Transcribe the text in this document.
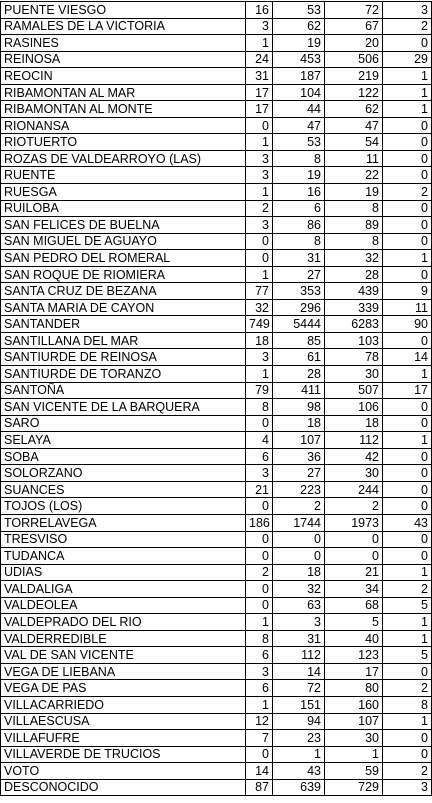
PUENTE VIESGO	16	53	72	3
RAMALES DE LA VICTORIA	3	62	67	2
RASINES	1	19	20	0
REINOSA	24	453	506	29
REOCIN	31	187	219	1
RIBAMONTAN AL MAR	17	104	122	1
RIBAMONTAN AL MONTE	17	44	62	1
RIONANSA	0	47	47	0
RIOTUERTO	1	53	54	0
ROZAS DE VALDEARROYO (LAS)	3	8	11	0
RUENTE	3	19	22	0
RUESGA	1	16	19	2
RUILOBA	2	6	8	0
SAN FELICES DE BUELNA	3	86	89	0
SAN MIGUEL DE AGUAYO	0	8	8	0
SAN PEDRO DEL ROMERAL	0	31	32	1
SAN ROQUE DE RIOMIERA	1	27	28	0
SANTA CRUZ DE BEZANA	77	353	439	9
SANTA MARIA DE CAYON	32	296	339	11
SANTANDER	749	5444	6283	90
SANTILLANA DEL MAR	18	85	103	0
SANTIURDE DE REINOSA	3	61	78	14
SANTIURDE DE TORANZO	1	28	30	1
SANTOÑA	79	411	507	17
SAN VICENTE DE LA BARQUERA	8	98	106	0
SARO	0	18	18	0
SELAYA	4	107	112	1
SOBA	6	36	42	0
SOLORZANO	3	27	30	0
SUANCES	21	223	244	0
TOJOS (LOS)	0	2	2	0
TORRELAVEGA	186	1744	1973	43
TRESVISO	0	0	0	0
TUDANCA	0	0	0	0
UDIAS	2	18	21	1
VALDALIGA	0	32	34	2
VALDEOLEA	0	63	68	5
VALDEPRADO DEL RIO	1	3	5	1
VALDERREDIBLE	8	31	40	1
VAL DE SAN VICENTE	6	112	123	5
VEGA DE LIEBANA	3	14	17	0
VEGA DE PAS	6	72	80	2
VILLACARRIEDO	1	151	160	8
VILLAESCUSA	12	94	107	1
VILLAFUFRE	7	23	30	0
VILLAVERDE DE TRUCIOS	0	1	1	0
VOTO	14	43	59	2
DESCONOCIDO	87	639	729	3
